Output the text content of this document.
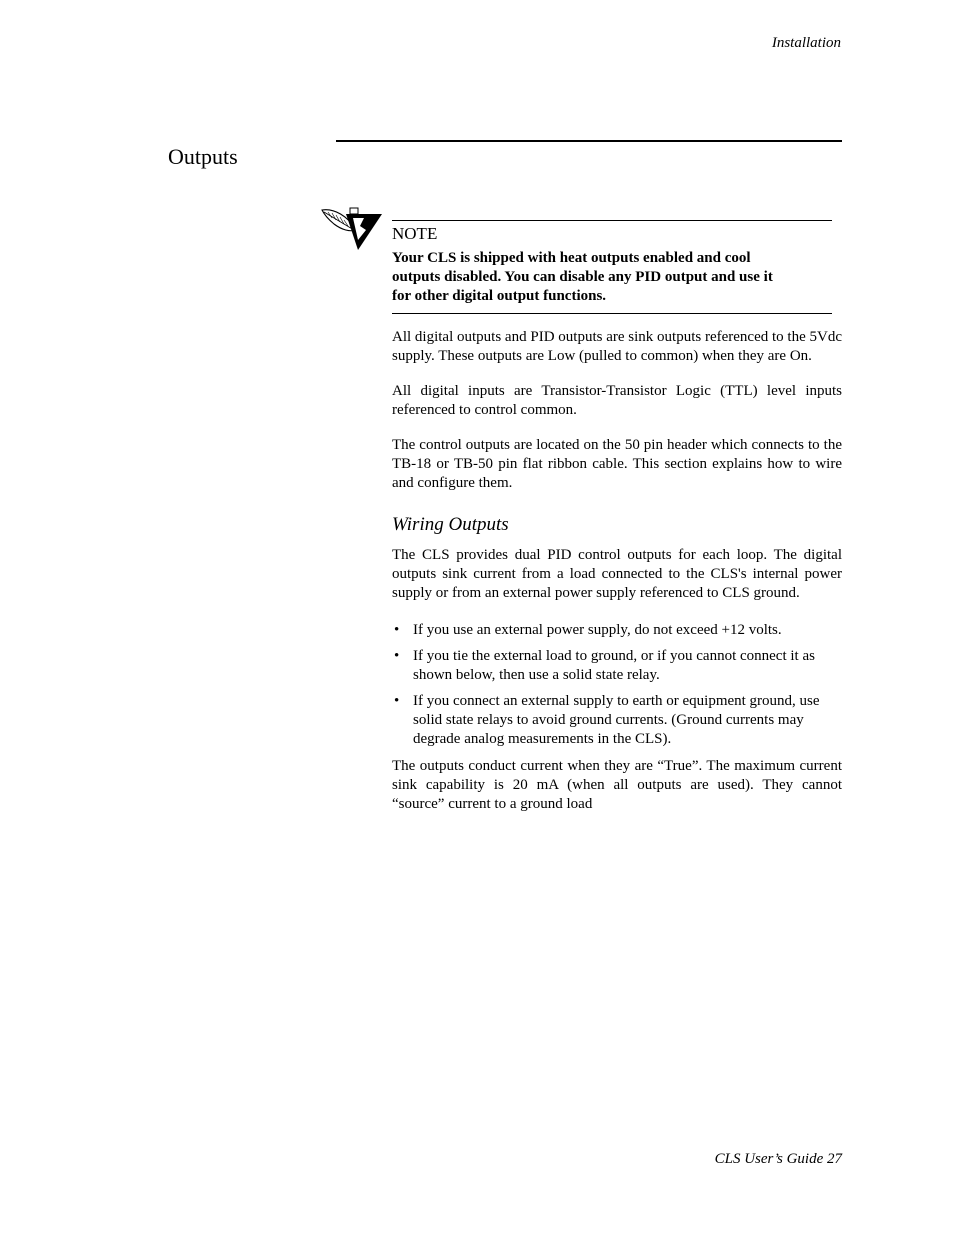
Installation
Outputs
NOTE

Your CLS is shipped with heat outputs enabled and cool outputs disabled. You can disable any PID output and use it for other digital output functions.

All digital outputs and PID outputs are sink outputs referenced to the 5Vdc supply. These outputs are Low (pulled to common) when they are On.

All digital inputs are Transistor-Transistor Logic (TTL) level inputs referenced to control common.

The control outputs are located on the 50 pin header which connects to the TB-18 or TB-50 pin flat ribbon cable. This section explains how to wire and configure them.

Wiring Outputs

The CLS provides dual PID control outputs for each loop. The digital outputs sink current from a load connected to the CLS's internal power supply or from an external power supply referenced to CLS ground.

• If you use an external power supply, do not exceed +12 volts.
• If you tie the external load to ground, or if you cannot connect it as shown below, then use a solid state relay.
• If you connect an external supply to earth or equipment ground, use solid state relays to avoid ground currents. (Ground currents may degrade analog measurements in the CLS).

The outputs conduct current when they are “True”. The maximum current sink capability is 20 mA (when all outputs are used). They cannot “source” current to a ground load

CLS User’s Guide 27
